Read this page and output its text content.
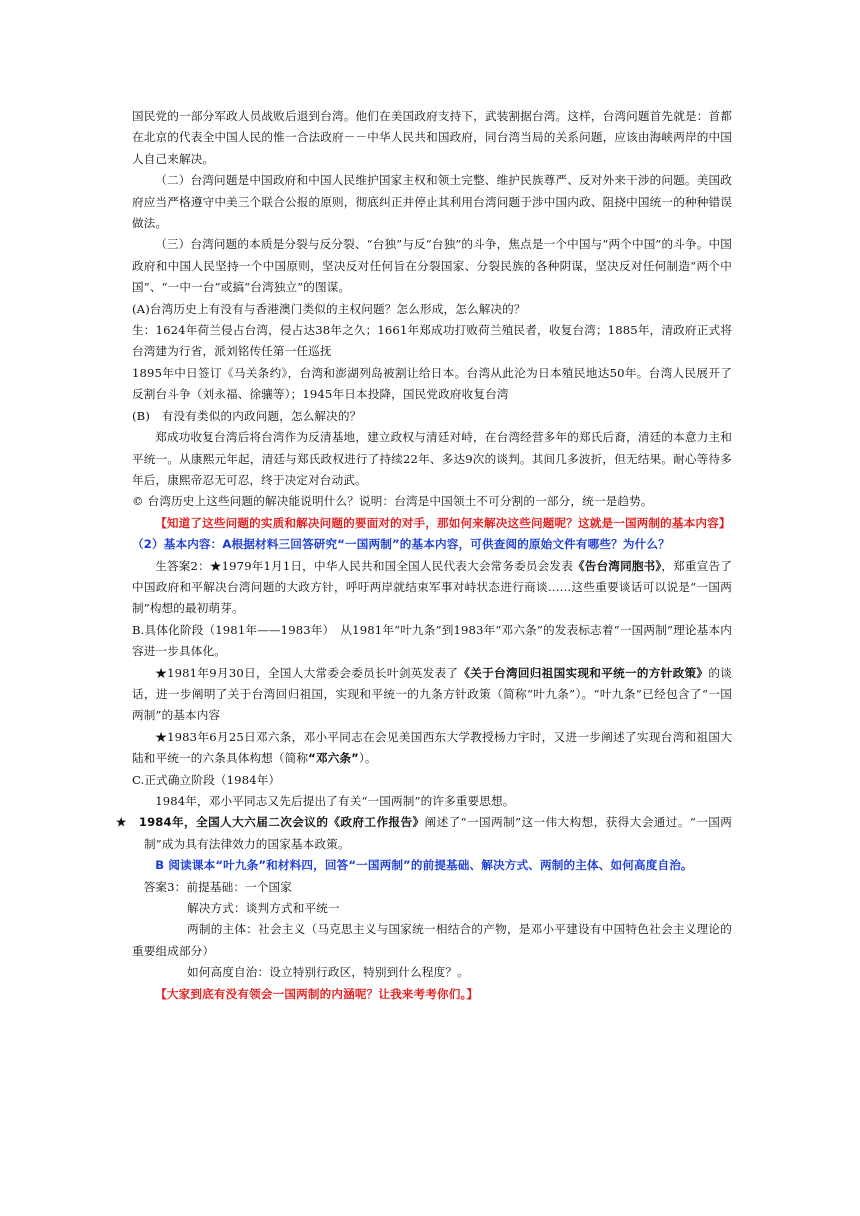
国民党的一部分军政人员战败后退到台湾。他们在美国政府支持下，武装割据台湾。这样，台湾问题首先就是：首都在北京的代表全中国人民的惟一合法政府－－中华人民共和国政府，同台湾当局的关系问题，应该由海峡两岸的中国人自己来解决。

（二）台湾问题是中国政府和中国人民维护国家主权和领土完整、维护民族尊严、反对外来干涉的问题。美国政府应当严格遵守中美三个联合公报的原则，彻底纠正并停止其利用台湾问题于涉中国内政、阻挠中国统一的种种错误做法。

（三）台湾问题的本质是分裂与反分裂、“台独”与反“台独”的斗争，焦点是一个中国与“两个中国”的斗争。中国政府和中国人民坚持一个中国原则，坚决反对任何旨在分裂国家、分裂民族的各种阴谋，坚决反对任何制造“两个中国”、“一中一台”或搞“台湾独立”的图谋。

(A)台湾历史上有没有与香港澳门类似的主权问题？怎么形成，怎么解决的？

生：1624年荷兰侵占台湾，侵占达38年之久；1661年郑成功打败荷兰殖民者，收复台湾；1885年，清政府正式将台湾建为行省，派刘铭传任第一任巡抚

1895年中日签订《马关条约》，台湾和澎湖列岛被割让给日本。台湾从此沦为日本殖民地达50年。台湾人民展开了反割台斗争（刘永福、徐骧等）；1945年日本投降，国民党政府收复台湾

(B)　有没有类似的内政问题，怎么解决的？

郑成功收复台湾后将台湾作为反清基地，建立政权与清廷对峙，在台湾经营多年的郑氏后裔，清廷的本意力主和平统一。从康熙元年起，清廷与郑氏政权进行了持续22年、多达9次的谈判。其间几多波折，但无结果。耐心等待多年后，康熙帝忍无可忍，终于决定对台动武。

© 台湾历史上这些问题的解决能说明什么？说明：台湾是中国领土不可分割的一部分，统一是趋势。

【知道了这些问题的实质和解决问题的要面对的对手，那如何来解决这些问题呢？这就是一国两制的基本内容】

（2）基本内容：A根据材料三回答研究“一国两制”的基本内容，可供查阅的原始文件有哪些？为什么？

生答案2：★1979年1月1日，中华人民共和国全国人民代表大会常务委员会发表《告台湾同胞书》，郑重宣告了中国政府和平解决台湾问题的大政方针，呼吁两岸就结束军事对峙状态进行商谈……这些重要谈话可以说是“一国两制”构想的最初萌芽。

B.具体化阶段（1981年——1983年）　从1981年“叶九条”到1983年“邓六条”的发表标志着“一国两制”理论基本内容进一步具体化。

★1981年9月30日，全国人大常委会委员长叶剑英发表了《关于台湾回归祖国实现和平统一的方针政策》的谈话，进一步阐明了关于台湾回归祖国，实现和平统一的九条方针政策（简称“叶九条”）。“叶九条”已经包含了“一国两制”的基本内容

★1983年6月25日邓六条，邓小平同志在会见美国西东大学教授杨力宇时，又进一步阐述了实现台湾和祖国大陆和平统一的六条具体构想（简称“邓六条”）。

C.正式确立阶段（1984年）

1984年，邓小平同志又先后提出了有关“一国两制”的许多重要思想。

★　 1984年，全国人大六届二次会议的《政府工作报告》阐述了“一国两制”这一伟大构想，获得大会通过。“一国两制”成为具有法律效力的国家基本政策。

B 阅读课本“叶九条”和材料四，回答“一国两制”的前提基础、解决方式、两制的主体、如何高度自治。

答案3：前提基础：一个国家

解决方式：谈判方式和平统一

两制的主体：社会主义（马克思主义与国家统一相结合的产物，是邓小平建设有中国特色社会主义理论的重要组成部分）

如何高度自治：设立特别行政区，特别到什么程度？。

【大家到底有没有领会一国两制的内涵呢？让我来考考你们。】
